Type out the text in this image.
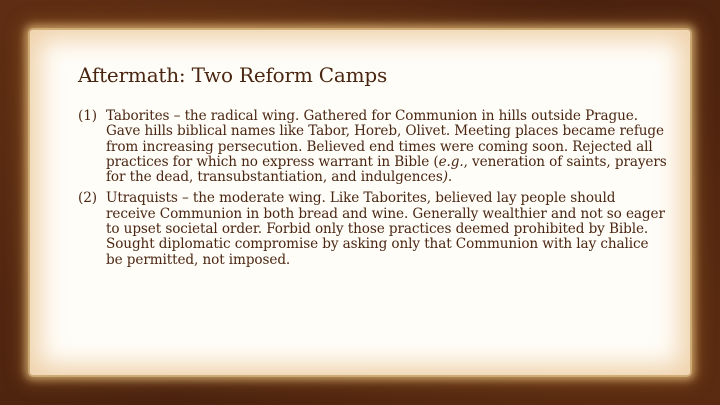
Aftermath: Two Reform Camps
(1) Taborites – the radical wing. Gathered for Communion in hills outside Prague. Gave hills biblical names like Tabor, Horeb, Olivet. Meeting places became refuge from increasing persecution. Believed end times were coming soon. Rejected all practices for which no express warrant in Bible (e.g., veneration of saints, prayers for the dead, transubstantiation, and indulgences).
(2) Utraquists – the moderate wing. Like Taborites, believed lay people should receive Communion in both bread and wine. Generally wealthier and not so eager to upset societal order. Forbid only those practices deemed prohibited by Bible. Sought diplomatic compromise by asking only that Communion with lay chalice be permitted, not imposed.
